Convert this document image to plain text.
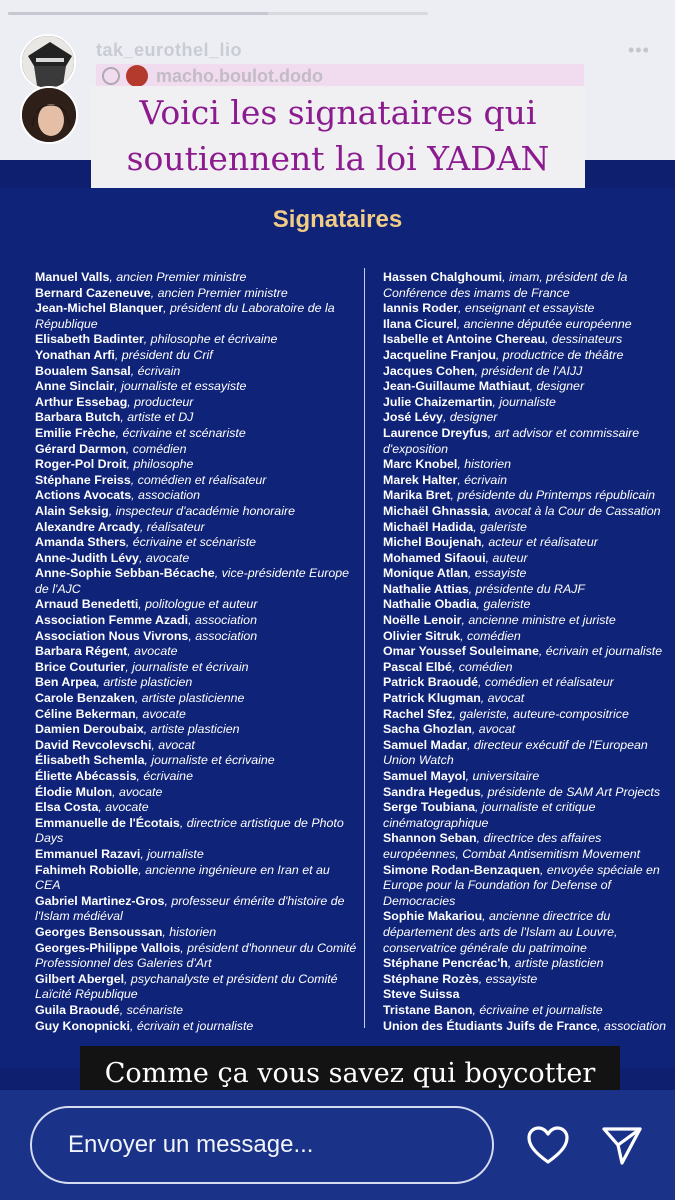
tak_eurothel_lio	•••
macho.boulot.dodo
Voici les signataires qui
soutiennent la loi YADAN
Signataires
Manuel Valls, ancien Premier ministre
Bernard Cazeneuve, ancien Premier ministre
Jean-Michel Blanquer, président du Laboratoire de la République
Elisabeth Badinter, philosophe et écrivaine
Yonathan Arfi, président du Crif
Boualem Sansal, écrivain
Anne Sinclair, journaliste et essayiste
Arthur Essebag, producteur
Barbara Butch, artiste et DJ
Emilie Frèche, écrivaine et scénariste
Gérard Darmon, comédien
Roger-Pol Droit, philosophe
Stéphane Freiss, comédien et réalisateur
Actions Avocats, association
Alain Seksig, inspecteur d'académie honoraire
Alexandre Arcady, réalisateur
Amanda Sthers, écrivaine et scénariste
Anne-Judith Lévy, avocate
Anne-Sophie Sebban-Bécache, vice-présidente Europe de l'AJC
Arnaud Benedetti, politologue et auteur
Association Femme Azadi, association
Association Nous Vivrons, association
Barbara Régent, avocate
Brice Couturier, journaliste et écrivain
Ben Arpea, artiste plasticien
Carole Benzaken, artiste plasticienne
Céline Bekerman, avocate
Damien Deroubaix, artiste plasticien
David Revcolevschi, avocat
Élisabeth Schemla, journaliste et écrivaine
Éliette Abécassis, écrivaine
Élodie Mulon, avocate
Elsa Costa, avocate
Emmanuelle de l'Écotais, directrice artistique de Photo Days
Emmanuel Razavi, journaliste
Fahimeh Robiolle, ancienne ingénieure en Iran et au CEA
Gabriel Martinez-Gros, professeur émérite d'histoire de l'Islam médiéval
Georges Bensoussan, historien
Georges-Philippe Vallois, président d'honneur du Comité Professionnel des Galeries d'Art
Gilbert Abergel, psychanalyste et président du Comité Laïcité République
Guila Braoudé, scénariste
Guy Konopnicki, écrivain et journaliste
Hassen Chalghoumi, imam, président de la Conférence des imams de France
Iannis Roder, enseignant et essayiste
Ilana Cicurel, ancienne députée européenne
Isabelle et Antoine Chereau, dessinateurs
Jacqueline Franjou, productrice de théâtre
Jacques Cohen, président de l'AIJJ
Jean-Guillaume Mathiaut, designer
Julie Chaizemartin, journaliste
José Lévy, designer
Laurence Dreyfus, art advisor et commissaire d'exposition
Marc Knobel, historien
Marek Halter, écrivain
Marika Bret, présidente du Printemps républicain
Michaël Ghnassia, avocat à la Cour de Cassation
Michaël Hadida, galeriste
Michel Boujenah, acteur et réalisateur
Mohamed Sifaoui, auteur
Monique Atlan, essayiste
Nathalie Attias, présidente du RAJF
Nathalie Obadia, galeriste
Noëlle Lenoir, ancienne ministre et juriste
Olivier Sitruk, comédien
Omar Youssef Souleimane, écrivain et journaliste
Pascal Elbé, comédien
Patrick Braoudé, comédien et réalisateur
Patrick Klugman, avocat
Rachel Sfez, galeriste, auteure-compositrice
Sacha Ghozlan, avocat
Samuel Madar, directeur exécutif de l'European Union Watch
Samuel Mayol, universitaire
Sandra Hegedus, présidente de SAM Art Projects
Serge Toubiana, journaliste et critique cinématographique
Shannon Seban, directrice des affaires européennes, Combat Antisemitism Movement
Simone Rodan-Benzaquen, envoyée spéciale en Europe pour la Foundation for Defense of Democracies
Sophie Makariou, ancienne directrice du département des arts de l'Islam au Louvre, conservatrice générale du patrimoine
Stéphane Pencréac'h, artiste plasticien
Stéphane Rozès, essayiste
Steve Suissa
Tristane Banon, écrivaine et journaliste
Union des Étudiants Juifs de France, association
Comme ça vous savez qui boycotter
Envoyer un message...
